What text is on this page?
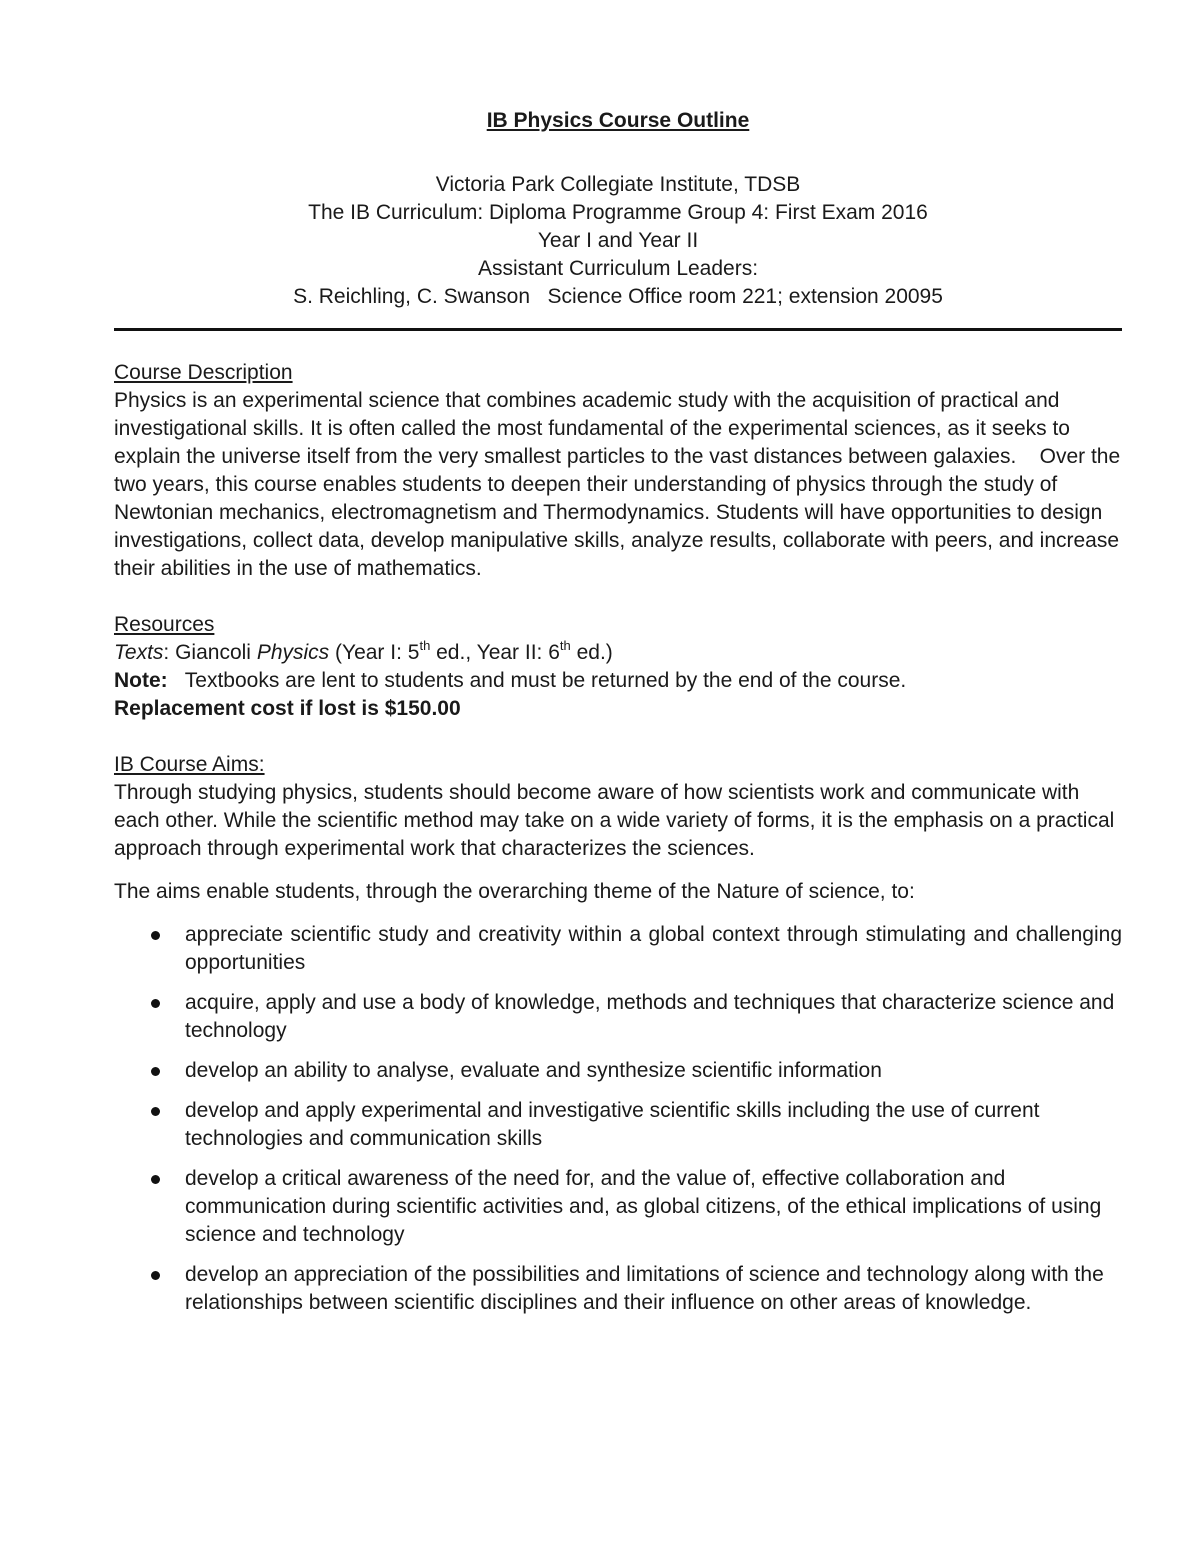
IB Physics Course Outline
Victoria Park Collegiate Institute, TDSB
The IB Curriculum: Diploma Programme Group 4: First Exam 2016
Year I and Year II
Assistant Curriculum Leaders:
S. Reichling, C. Swanson   Science Office room 221; extension 20095
Course Description

Physics is an experimental science that combines academic study with the acquisition of practical and investigational skills. It is often called the most fundamental of the experimental sciences, as it seeks to explain the universe itself from the very smallest particles to the vast distances between galaxies.    Over the two years, this course enables students to deepen their understanding of physics through the study of Newtonian mechanics, electromagnetism and Thermodynamics. Students will have opportunities to design investigations, collect data, develop manipulative skills, analyze results, collaborate with peers, and increase their abilities in the use of mathematics.

Resources

Texts: Giancoli Physics (Year I: 5th ed., Year II: 6th ed.)

Note:   Textbooks are lent to students and must be returned by the end of the course.

Replacement cost if lost is $150.00

IB Course Aims:

Through studying physics, students should become aware of how scientists work and communicate with each other. While the scientific method may take on a wide variety of forms, it is the emphasis on a practical approach through experimental work that characterizes the sciences.

The aims enable students, through the overarching theme of the Nature of science, to:

appreciate scientific study and creativity within a global context through stimulating and challenging opportunities
acquire, apply and use a body of knowledge, methods and techniques that characterize science and technology
develop an ability to analyse, evaluate and synthesize scientific information
develop and apply experimental and investigative scientific skills including the use of current technologies and communication skills
develop a critical awareness of the need for, and the value of, effective collaboration and communication during scientific activities and, as global citizens, of the ethical implications of using science and technology
develop an appreciation of the possibilities and limitations of science and technology along with the relationships between scientific disciplines and their influence on other areas of knowledge.
